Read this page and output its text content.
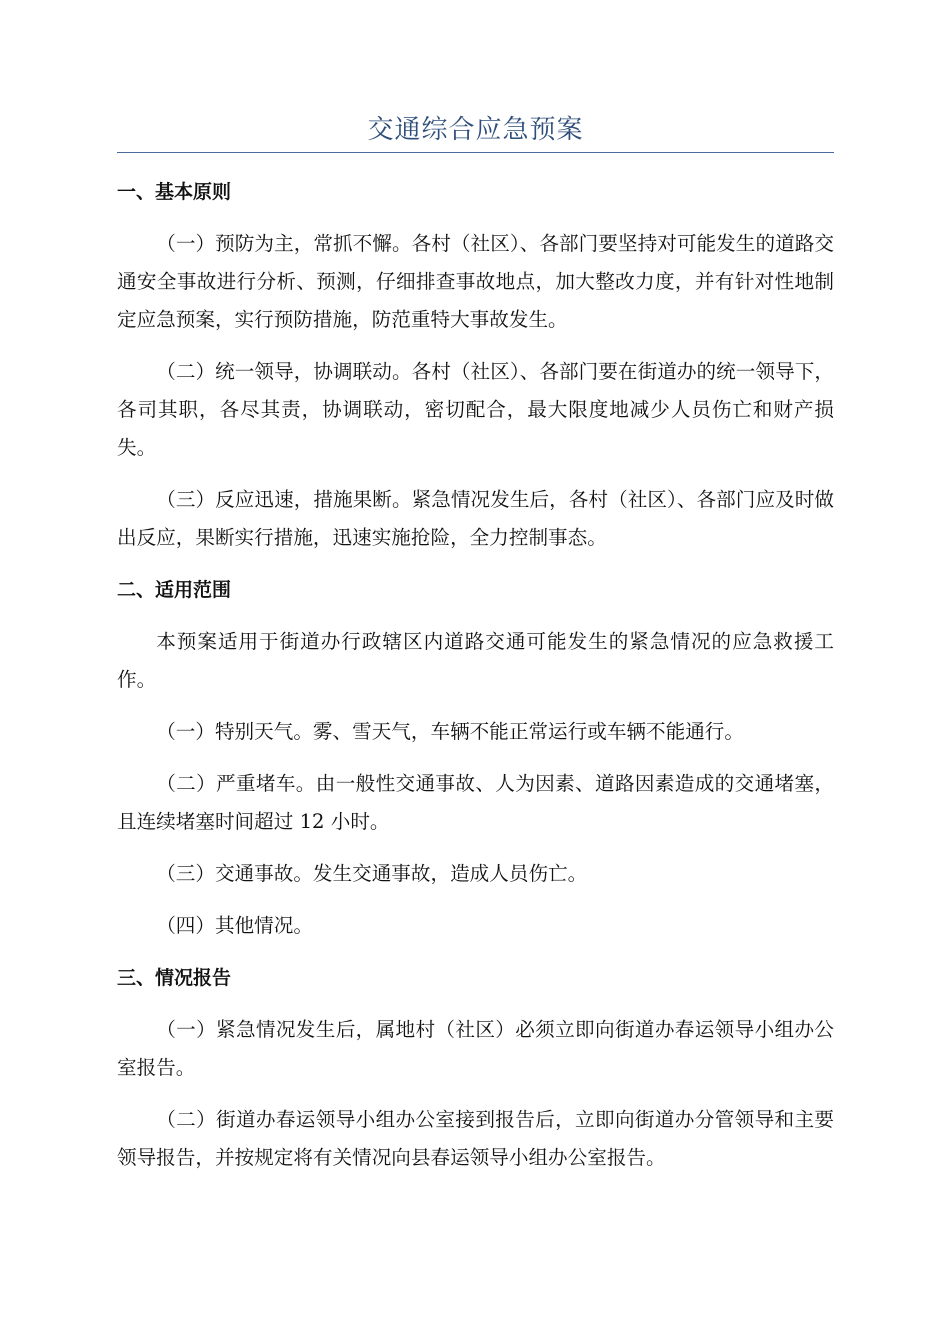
交通综合应急预案
一、基本原则

（一）预防为主，常抓不懈。各村（社区）、各部门要坚持对可能发生的道路交通安全事故进行分析、预测，仔细排查事故地点，加大整改力度，并有针对性地制定应急预案，实行预防措施，防范重特大事故发生。

（二）统一领导，协调联动。各村（社区）、各部门要在街道办的统一领导下，各司其职，各尽其责，协调联动，密切配合，最大限度地减少人员伤亡和财产损失。

（三）反应迅速，措施果断。紧急情况发生后，各村（社区）、各部门应及时做出反应，果断实行措施，迅速实施抢险，全力控制事态。

二、适用范围

本预案适用于街道办行政辖区内道路交通可能发生的紧急情况的应急救援工作。

（一）特别天气。雾、雪天气，车辆不能正常运行或车辆不能通行。

（二）严重堵车。由一般性交通事故、人为因素、道路因素造成的交通堵塞，且连续堵塞时间超过 12 小时。

（三）交通事故。发生交通事故，造成人员伤亡。

（四）其他情况。

三、情况报告

（一）紧急情况发生后，属地村（社区）必须立即向街道办春运领导小组办公室报告。

（二）街道办春运领导小组办公室接到报告后，立即向街道办分管领导和主要领导报告，并按规定将有关情况向县春运领导小组办公室报告。
